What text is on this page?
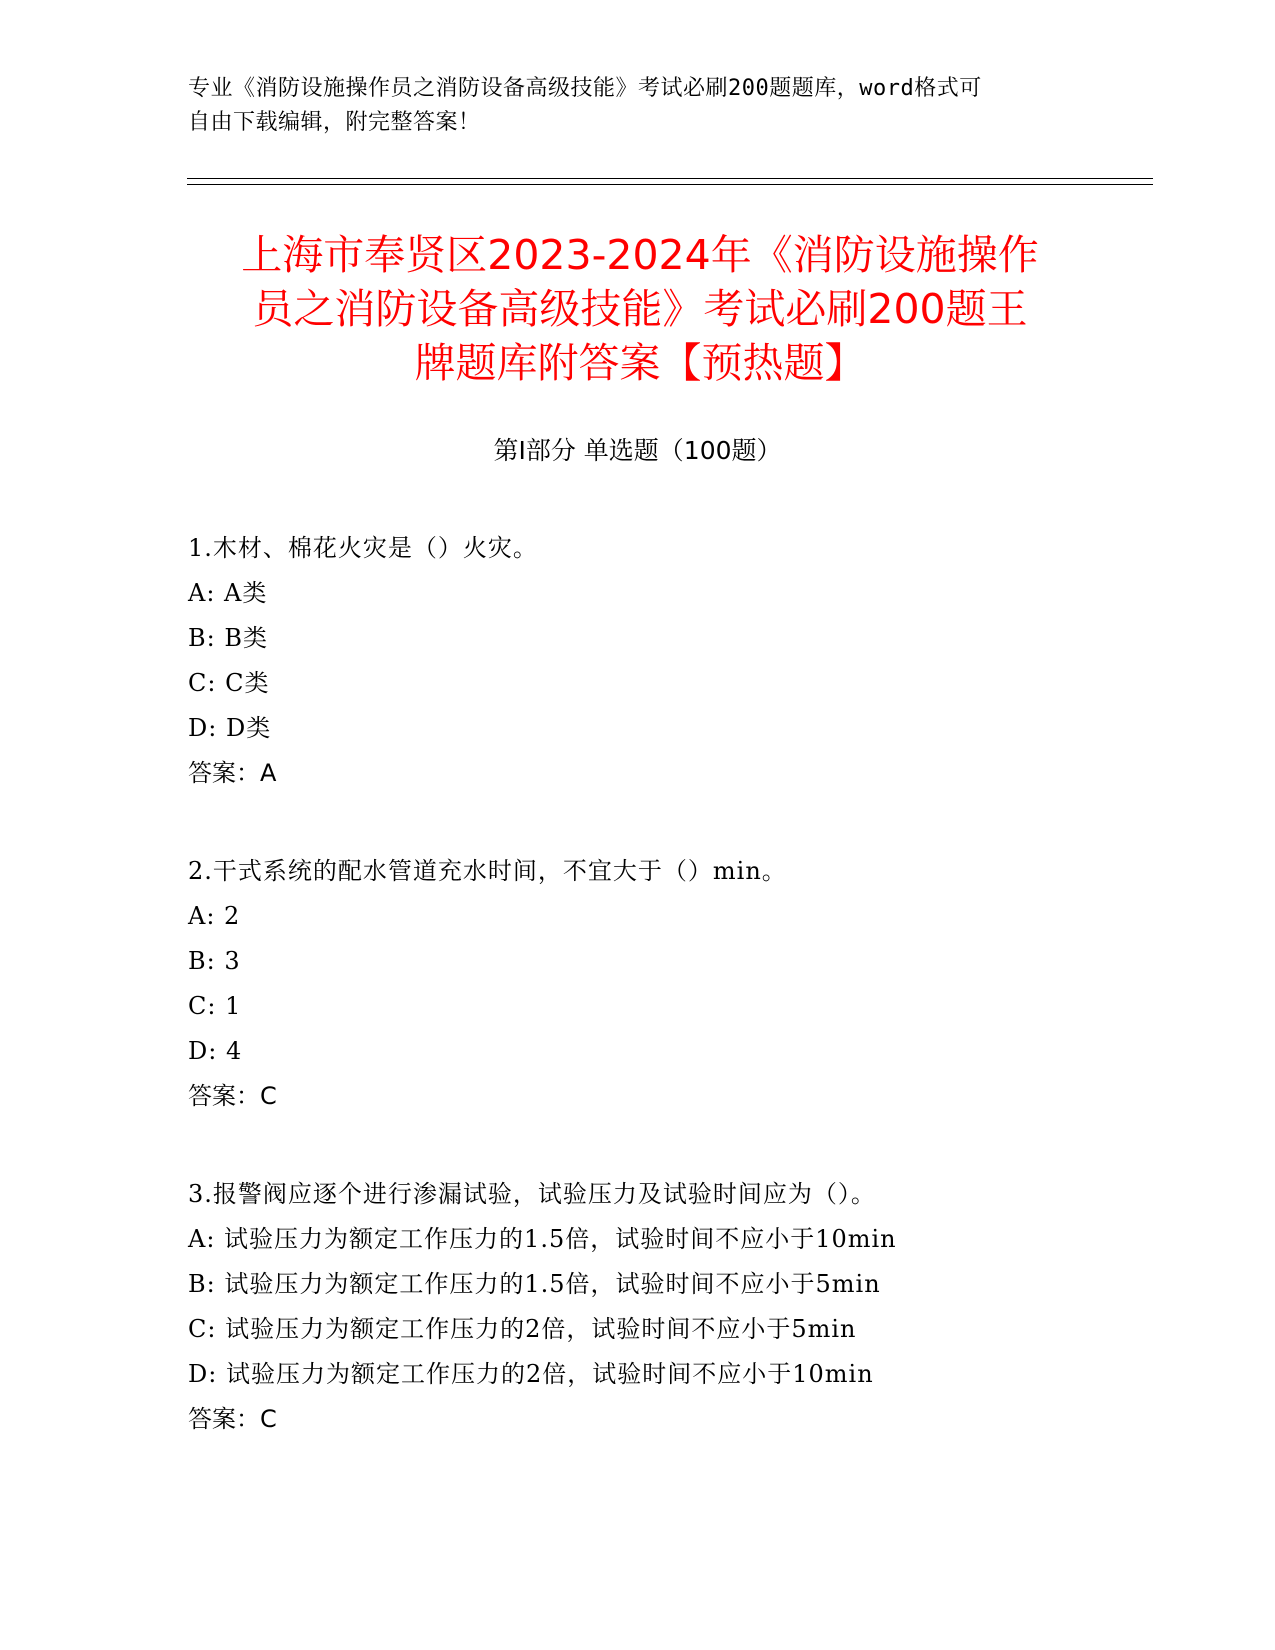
专业《消防设施操作员之消防设备高级技能》考试必刷200题题库，word格式可
自由下载编辑，附完整答案！
上海市奉贤区2023-2024年《消防设施操作
员之消防设备高级技能》考试必刷200题王
牌题库附答案【预热题】
第I部分 单选题（100题）
1.木材、棉花火灾是（）火灾。
A: A类
B: B类
C: C类
D: D类
答案：A
2.干式系统的配水管道充水时间，不宜大于（）min。
A: 2
B: 3
C: 1
D: 4
答案：C
3.报警阀应逐个进行渗漏试验，试验压力及试验时间应为（）。
A: 试验压力为额定工作压力的1.5倍，试验时间不应小于10min
B: 试验压力为额定工作压力的1.5倍，试验时间不应小于5min
C: 试验压力为额定工作压力的2倍，试验时间不应小于5min
D: 试验压力为额定工作压力的2倍，试验时间不应小于10min
答案：C
